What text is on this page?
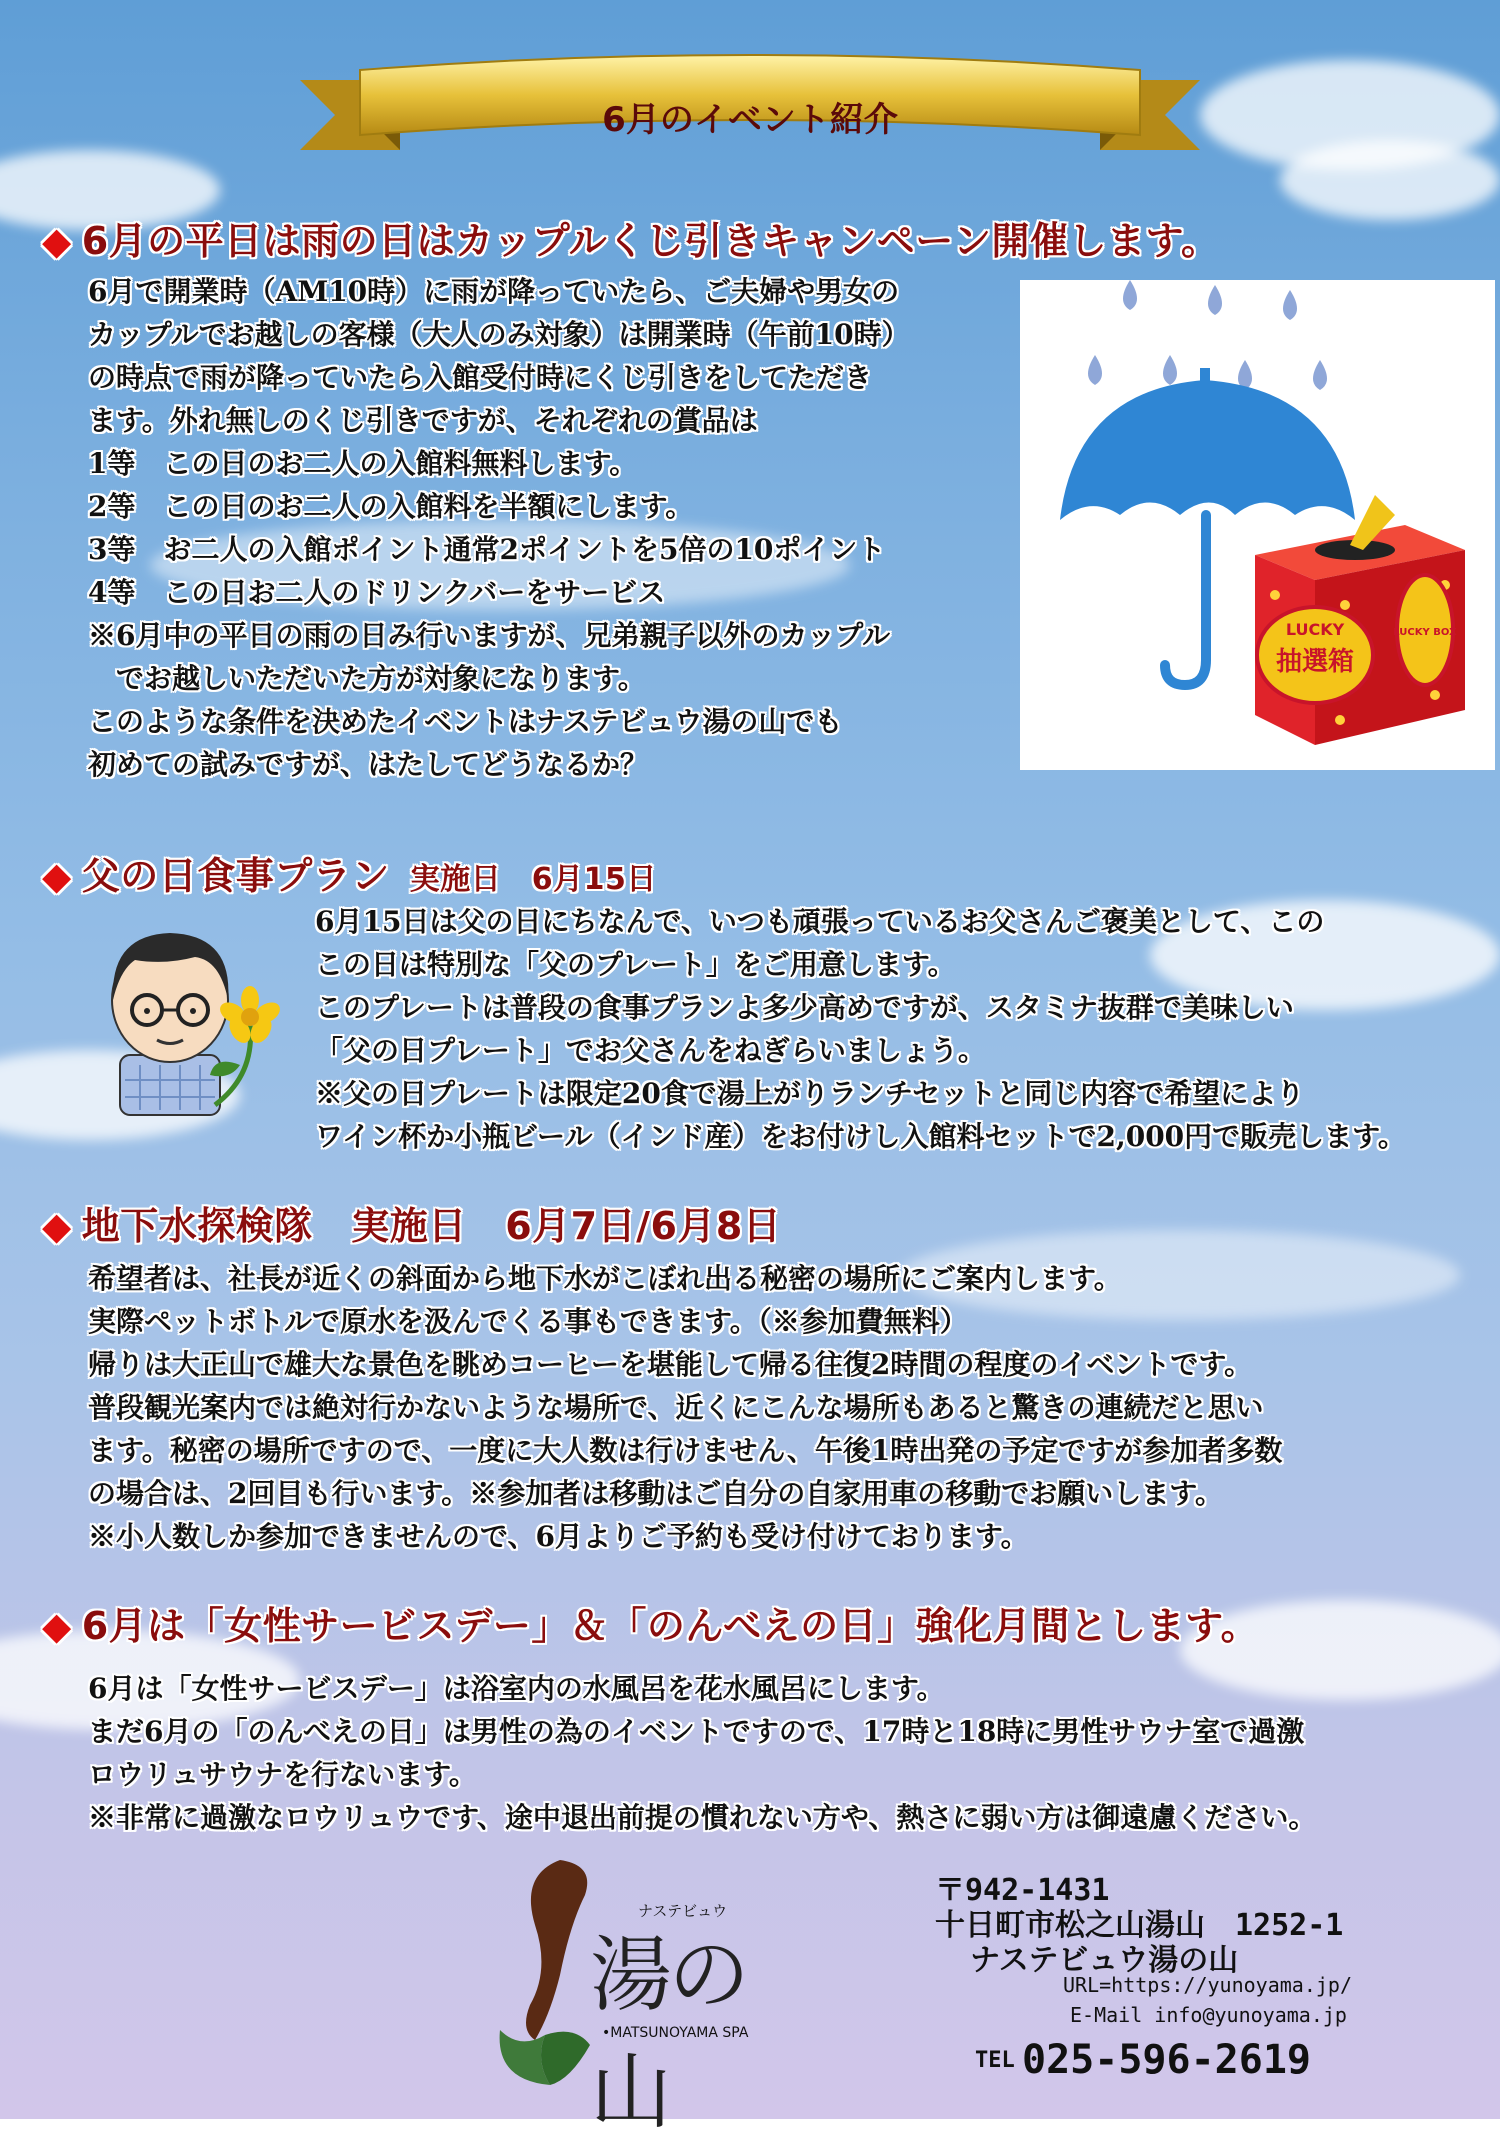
6月のイベント紹介
◆ 6月の平日は雨の日はカップルくじ引きキャンペーン開催します。
6月で開業時（AM10時）に雨が降っていたら、ご夫婦や男女の
カップルでお越しの客様（大人のみ対象）は開業時（午前10時）
の時点で雨が降っていたら入館受付時にくじ引きをしてただき
ます。外れ無しのくじ引きですが、それぞれの賞品は
1等　この日のお二人の入館料無料します。
2等　この日のお二人の入館料を半額にします。
3等　お二人の入館ポイント通常2ポイントを5倍の10ポイント
4等　この日お二人のドリンクバーをサービス
※6月中の平日の雨の日み行いますが、兄弟親子以外のカップル
　でお越しいただいた方が対象になります。
このような条件を決めたイベントはナステビュウ湯の山でも
初めての試みですが、はたしてどうなるか？
LUCKY
抽選箱
LUCKY BOX
◆ 父の日食事プラン 実施日　6月15日
6月15日は父の日にちなんで、いつも頑張っているお父さんご褒美として、この
この日は特別な「父のプレート」をご用意します。
このプレートは普段の食事プランよ多少高めですが、スタミナ抜群で美味しい
「父の日プレート」でお父さんをねぎらいましょう。
※父の日プレートは限定20食で湯上がりランチセットと同じ内容で希望により
ワイン杯か小瓶ビール（インド産）をお付けし入館料セットで2,000円で販売します。
◆ 地下水探検隊　実施日　6月7日/6月8日
希望者は、社長が近くの斜面から地下水がこぼれ出る秘密の場所にご案内します。
実際ペットボトルで原水を汲んでくる事もできます。（※参加費無料）
帰りは大正山で雄大な景色を眺めコーヒーを堪能して帰る往復2時間の程度のイベントです。
普段観光案内では絶対行かないような場所で、近くにこんな場所もあると驚きの連続だと思い
ます。秘密の場所ですので、一度に大人数は行けません、午後1時出発の予定ですが参加者多数
の場合は、2回目も行います。※参加者は移動はご自分の自家用車の移動でお願いします。
※小人数しか参加できませんので、6月よりご予約も受け付けております。
◆ 6月は「女性サービスデー」＆「のんべえの日」強化月間とします。
6月は「女性サービスデー」は浴室内の水風呂を花水風呂にします。
まだ6月の「のんべえの日」は男性の為のイベントですので、17時と18時に男性サウナ室で過激
ロウリュサウナを行ないます。
※非常に過激なロウリュウです、途中退出前提の慣れない方や、熱さに弱い方は御遠慮ください。
ナステビュウ
湯の山
•MATSUNOYAMA SPA
〒942-1431
十日町市松之山湯山　1252-1
ナステビュウ湯の山
URL=https://yunoyama.jp/
E-Mail info@yunoyama.jp
TEL 025-596-2619
